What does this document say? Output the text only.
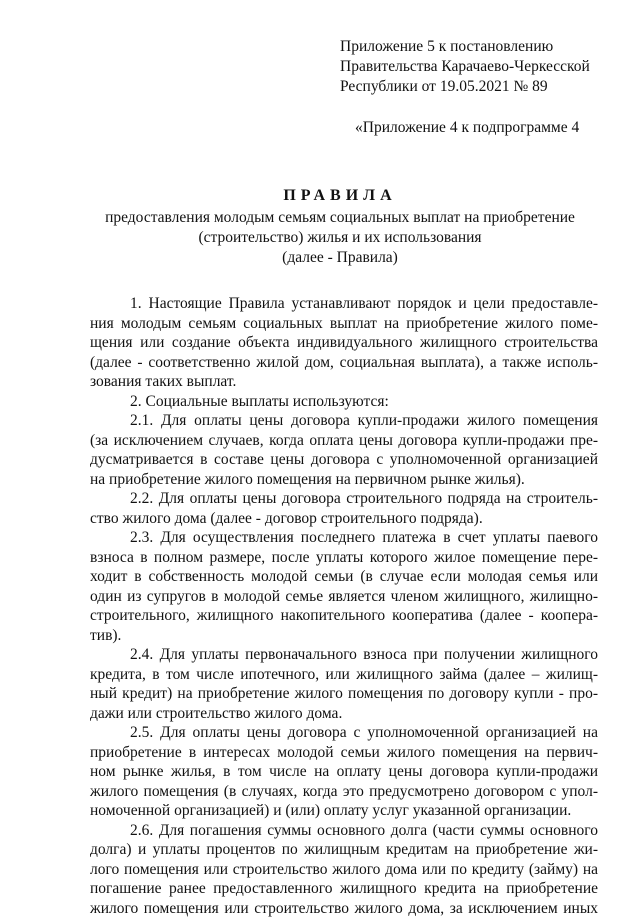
Приложение 5 к постановлению
Правительства Карачаево-Черкесской
Республики от 19.05.2021 № 89
«Приложение 4 к подпрограмме 4
ПРАВИЛА
предоставления молодым семьям социальных выплат на приобретение
(строительство) жилья и их использования
(далее - Правила)
1. Настоящие Правила устанавливают порядок и цели предоставле-
ния молодым семьям социальных выплат на приобретение жилого поме-
щения или создание объекта индивидуального жилищного строительства
(далее - соответственно жилой дом, социальная выплата), а также исполь-
зования таких выплат.
2. Социальные выплаты используются:
2.1. Для оплаты цены договора купли-продажи жилого помещения
(за исключением случаев, когда оплата цены договора купли-продажи пре-
дусматривается в составе цены договора с уполномоченной организацией
на приобретение жилого помещения на первичном рынке жилья).
2.2. Для оплаты цены договора строительного подряда на строитель-
ство жилого дома (далее - договор строительного подряда).
2.3. Для осуществления последнего платежа в счет уплаты паевого
взноса в полном размере, после уплаты которого жилое помещение пере-
ходит в собственность молодой семьи (в случае если молодая семья или
один из супругов в молодой семье является членом жилищного, жилищно-
строительного, жилищного накопительного кооператива (далее - коопера-
тив).
2.4. Для уплаты первоначального взноса при получении жилищного
кредита, в том числе ипотечного, или жилищного займа (далее – жилищ-
ный кредит) на приобретение жилого помещения по договору купли - про-
дажи или строительство жилого дома.
2.5. Для оплаты цены договора с уполномоченной организацией на
приобретение в интересах молодой семьи жилого помещения на первич-
ном рынке жилья, в том числе на оплату цены договора купли-продажи
жилого помещения (в случаях, когда это предусмотрено договором с упол-
номоченной организацией) и (или) оплату услуг указанной организации.
2.6. Для погашения суммы основного долга (части суммы основного
долга) и уплаты процентов по жилищным кредитам на приобретение жи-
лого помещения или строительство жилого дома или по кредиту (займу) на
погашение ранее предоставленного жилищного кредита на приобретение
жилого помещения или строительство жилого дома, за исключением иных
